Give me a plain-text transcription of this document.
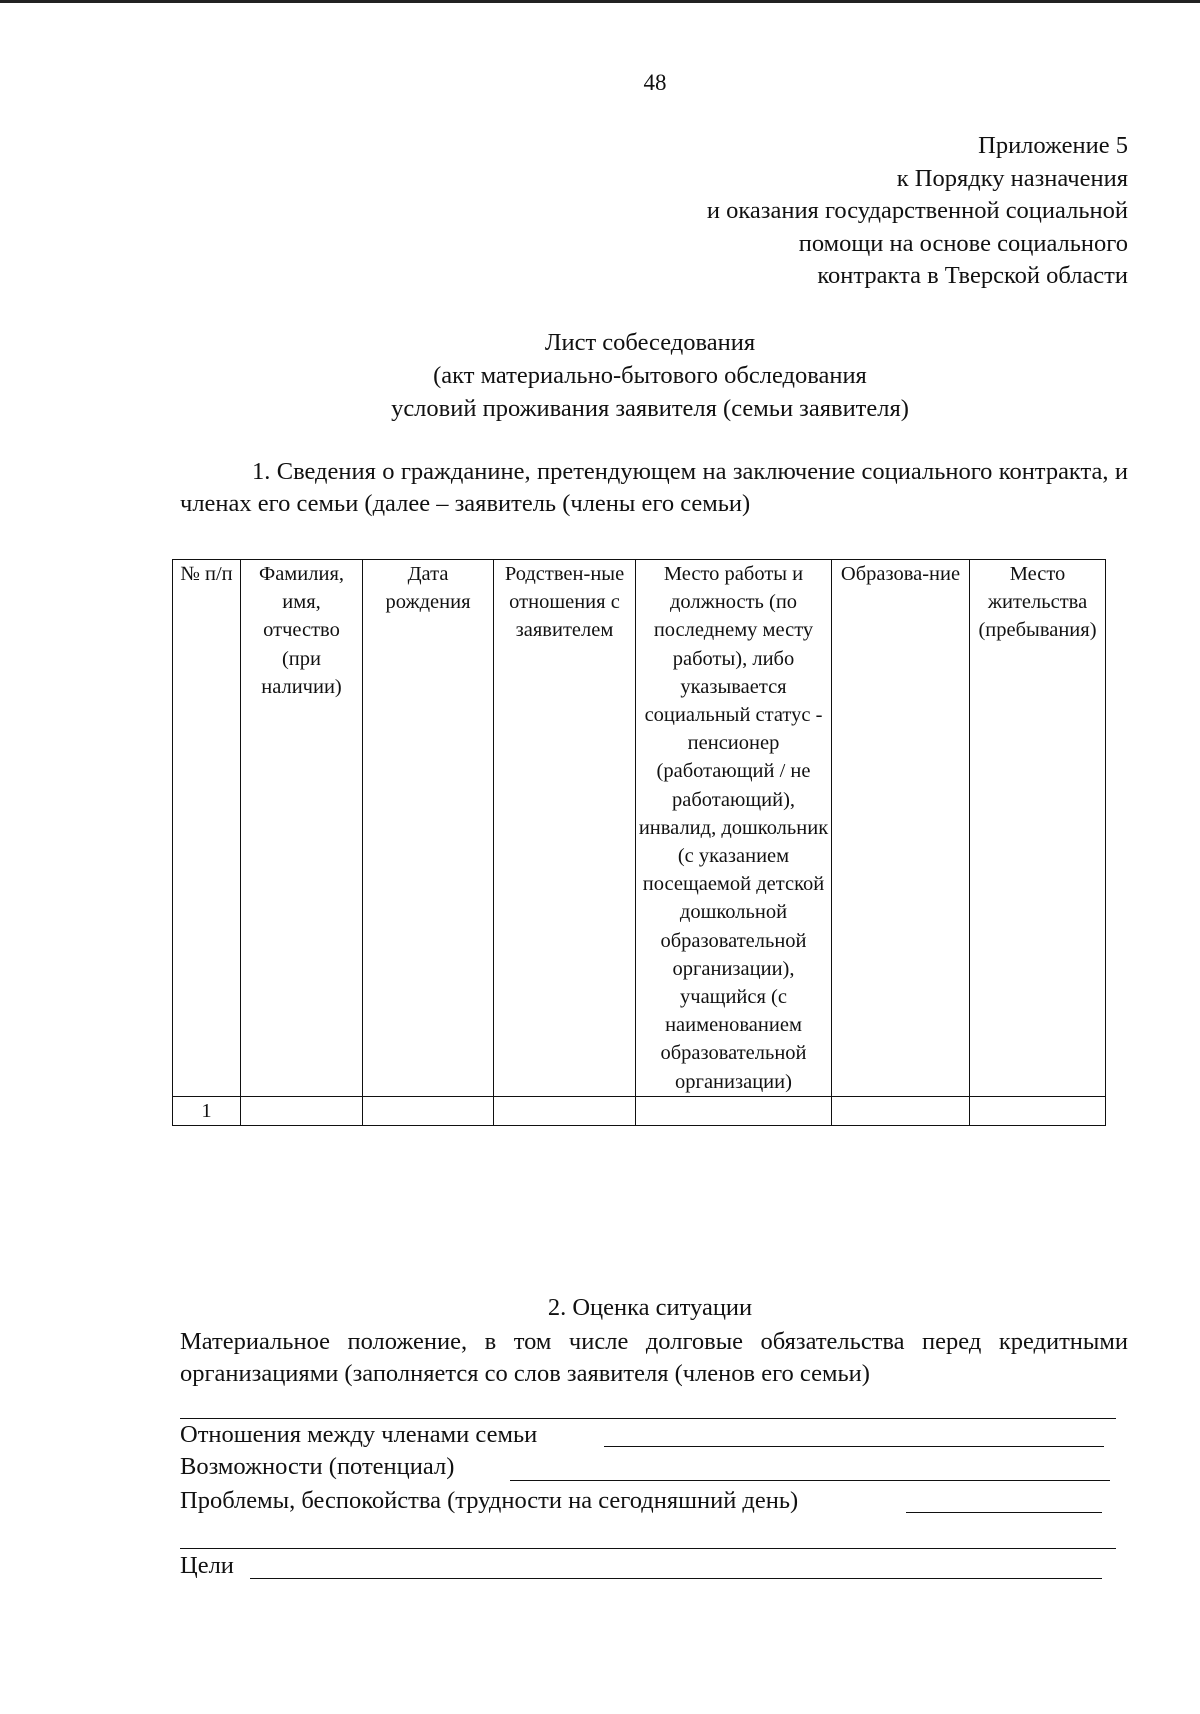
48
Приложение 5
к Порядку назначения
и оказания государственной социальной
помощи на основе социального
контракта в Тверской области
Лист собеседования
(акт материально-бытового обследования
условий проживания заявителя (семьи заявителя)
1. Сведения о гражданине, претендующем на заключение социального контракта, и членах его семьи (далее – заявитель (члены его семьи)
№ п/п	Фамилия, имя, отчество (при наличии)	Дата рождения	Родствен-ные отношения с заявителем	Место работы и должность (по последнему месту работы), либо указывается социальный статус - пенсионер (работающий / не работающий), инвалид, дошкольник (с указанием посещаемой детской дошкольной образовательной организации), учащийся (с наименованием образовательной организации)	Образова-ние	Место жительства (пребывания)
1						
2. Оценка ситуации
Материальное положение, в том числе долговые обязательства перед кредитными организациями (заполняется со слов заявителя (членов его семьи)
Отношения между членами семьи
Возможности (потенциал)
Проблемы, беспокойства (трудности на сегодняшний день)
Цели
